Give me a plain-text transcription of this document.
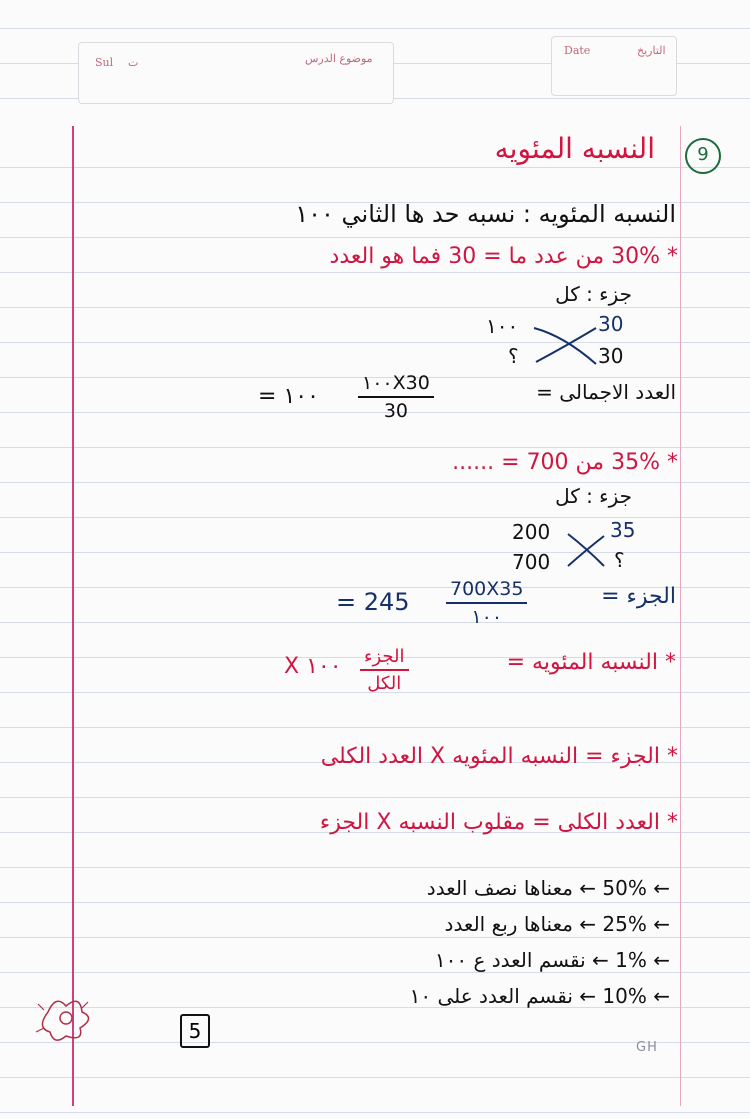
Sul ت	موضوع الدرس
Date	التاريخ
9
النسبه المئويه
النسبه المئويه : نسبه حد ها الثاني ١٠٠
* 30% من عدد ما = 30 فما هو العدد
جزء : كل
١٠٠	30
؟	30
العدد الاجمالى =
$\frac{١٠٠X30}{30}$
= ١٠٠
* 35% من 700 = ......
جزء : كل
200	35
700	؟
الجزء =
700X35
١٠٠
= 245
* النسبه المئويه =
الجزء
الكل
X ١٠٠
* الجزء = النسبه المئويه X العدد الكلى
* العدد الكلى = مقلوب النسبه X الجزء
← 50% ← معناها نصف العدد
← 25% ← معناها ربع العدد
← 1% ← نقسم العدد ع ١٠٠
← 10% ← نقسم العدد على ١٠
5
GH
